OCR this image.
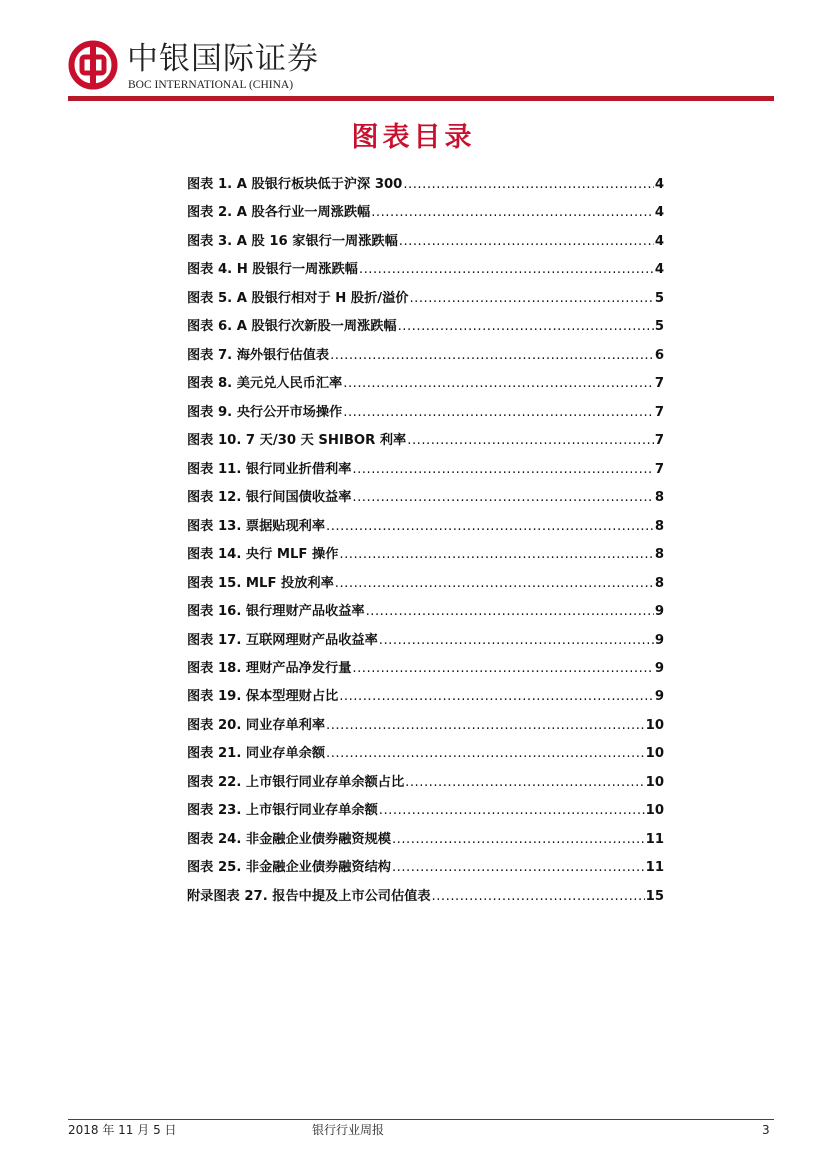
中银国际证券
BOC INTERNATIONAL (CHINA)
图表目录
图表 1. A 股银行板块低于沪深 300 .....	4
图表 2. A 股各行业一周涨跌幅 .....	4
图表 3. A 股 16 家银行一周涨跌幅 .....	4
图表 4. H 股银行一周涨跌幅 .....	4
图表 5. A 股银行相对于 H 股折/溢价 .....	5
图表 6. A 股银行次新股一周涨跌幅 .....	5
图表 7. 海外银行估值表 .....	6
图表 8. 美元兑人民币汇率 .....	7
图表 9. 央行公开市场操作 .....	7
图表 10. 7 天/30 天 SHIBOR 利率 .....	7
图表 11. 银行同业折借利率 .....	7
图表 12. 银行间国债收益率 .....	8
图表 13. 票据贴现利率 .....	8
图表 14. 央行 MLF 操作 .....	8
图表 15. MLF 投放利率 .....	8
图表 16. 银行理财产品收益率 .....	9
图表 17. 互联网理财产品收益率 .....	9
图表 18. 理财产品净发行量 .....	9
图表 19. 保本型理财占比 .....	9
图表 20. 同业存单利率 .....	10
图表 21. 同业存单余额 .....	10
图表 22. 上市银行同业存单余额占比 .....	10
图表 23. 上市银行同业存单余额 .....	10
图表 24. 非金融企业债券融资规模 .....	11
图表 25. 非金融企业债券融资结构 .....	11
附录图表 27. 报告中提及上市公司估值表 .....	15
2018 年 11 月 5 日	银行行业周报	3
